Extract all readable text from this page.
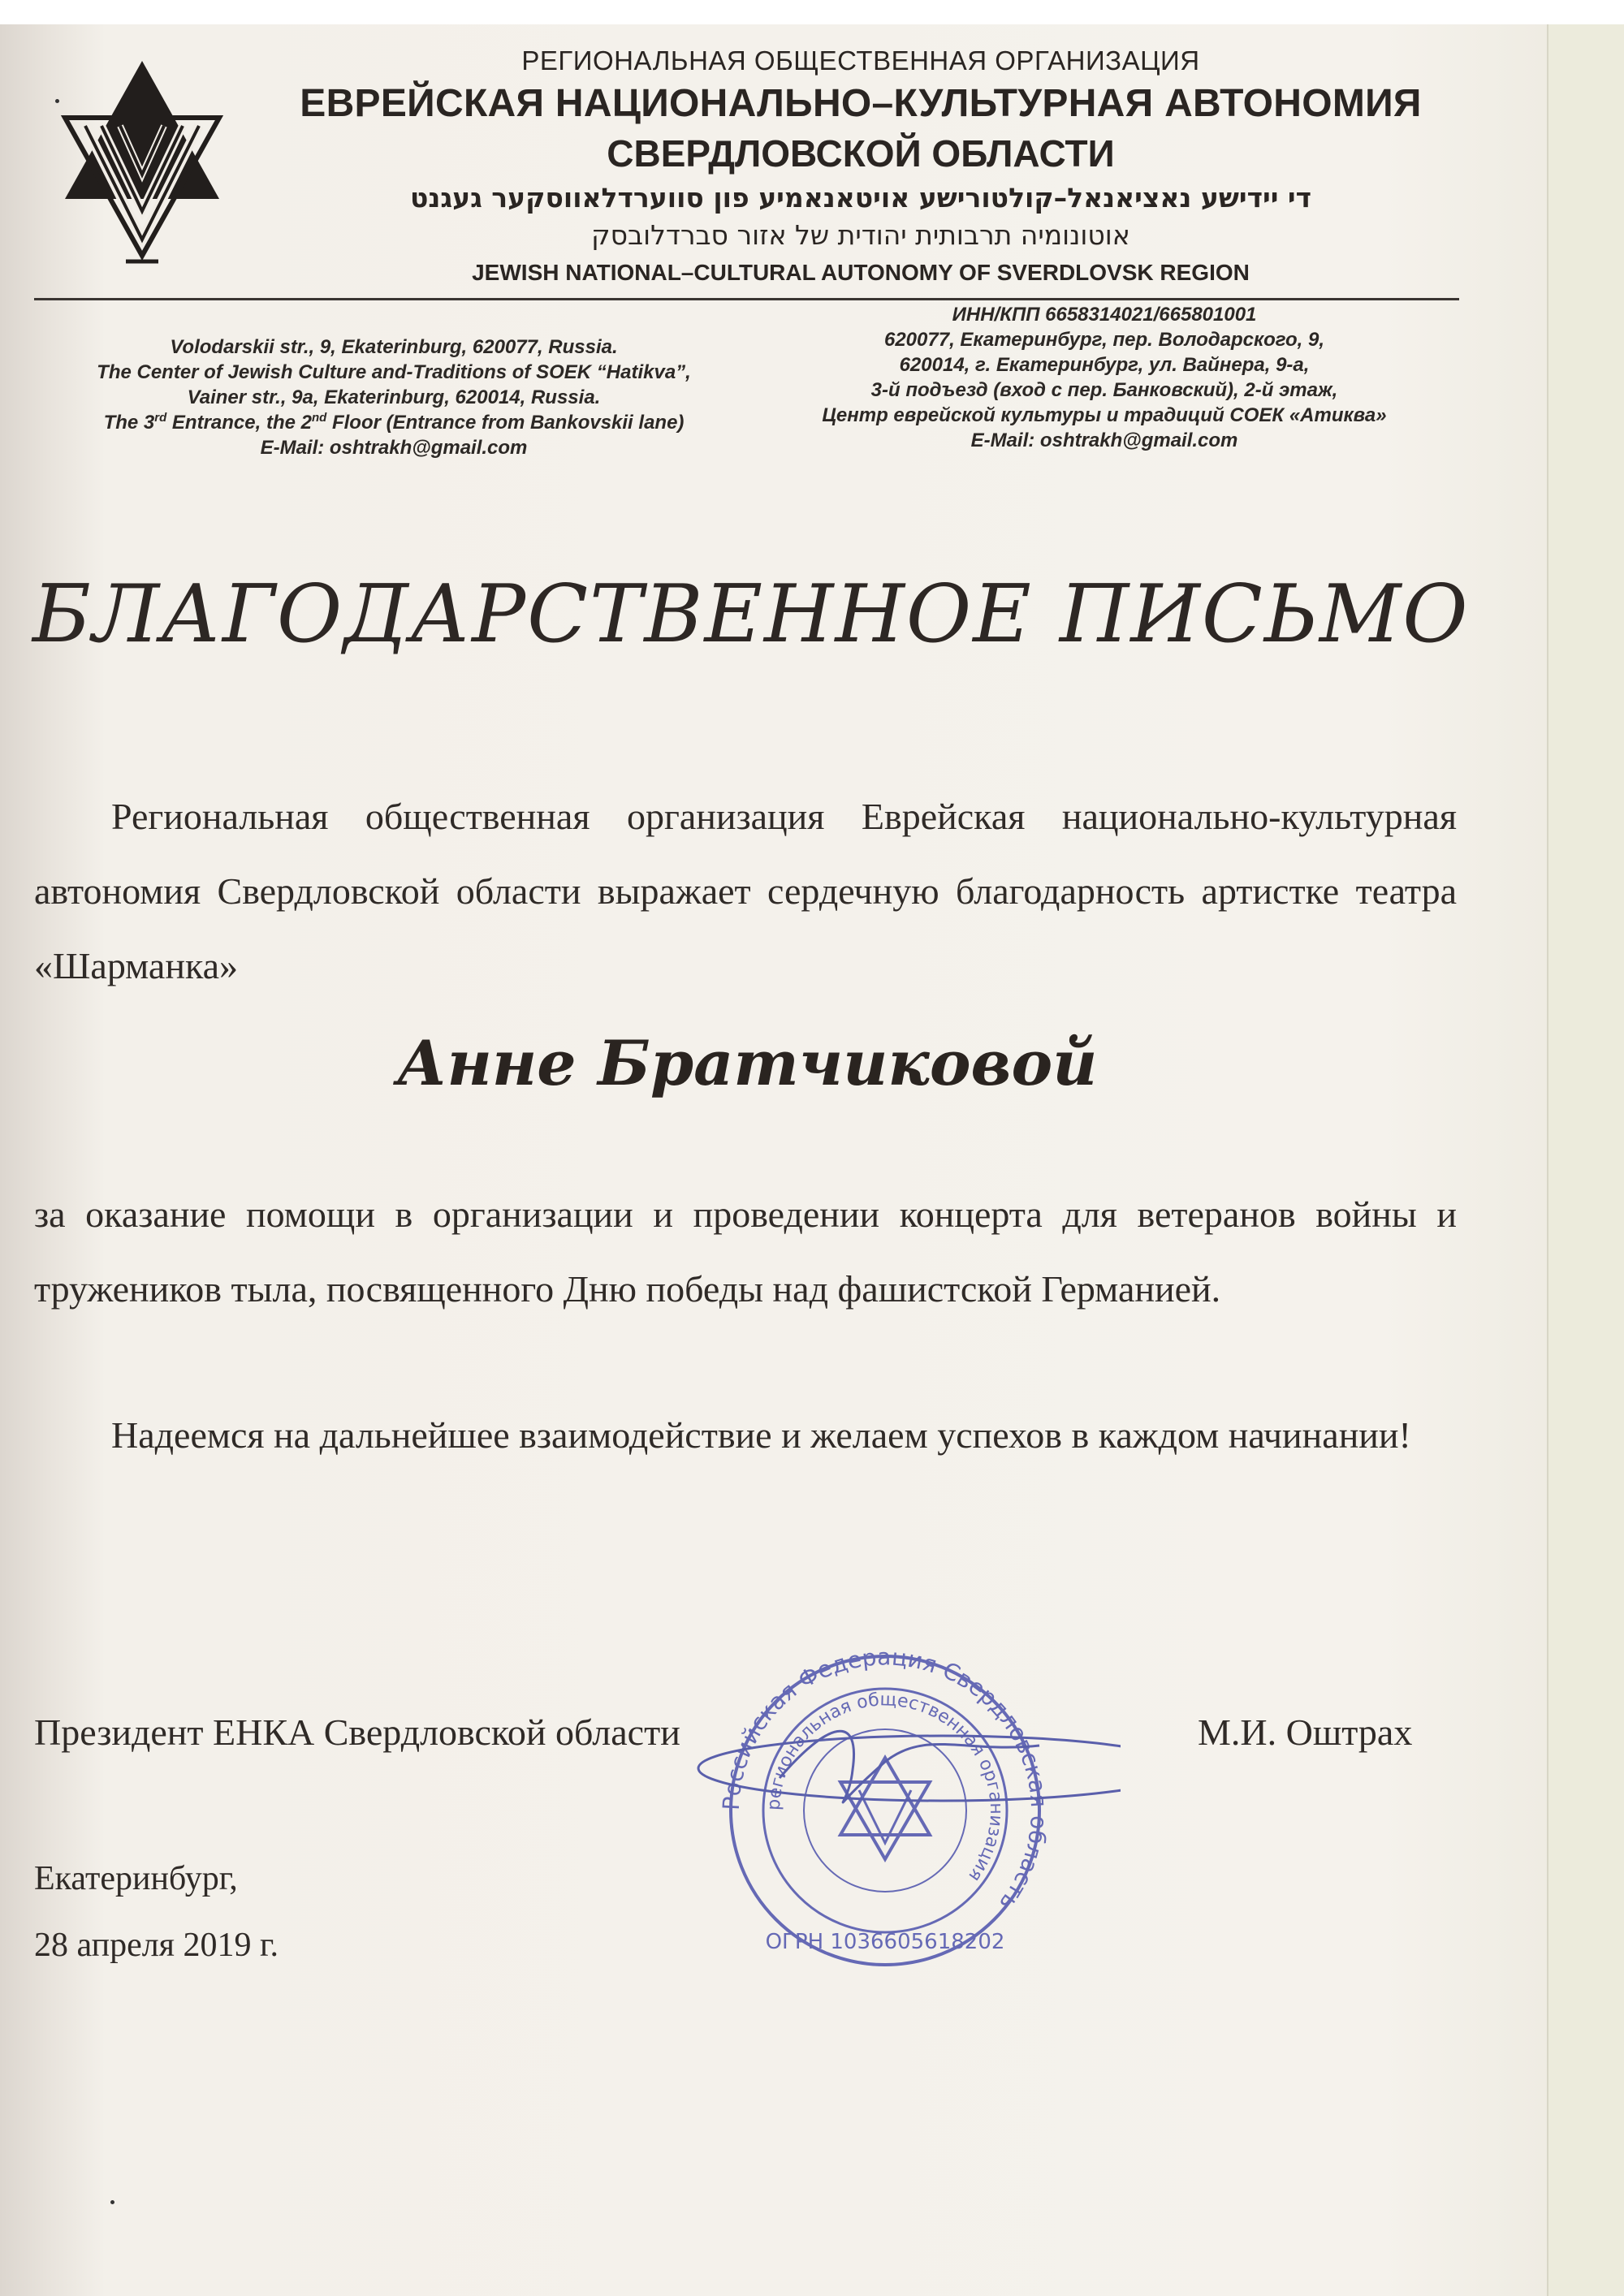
РЕГИОНАЛЬНАЯ ОБЩЕСТВЕННАЯ ОРГАНИЗАЦИЯ
ЕВРЕЙСКАЯ НАЦИОНАЛЬНО–КУЛЬТУРНАЯ АВТОНОМИЯ
СВЕРДЛОВСКОЙ ОБЛАСТИ
די יידישע נאציאנאל–קולטורישע אויטאנאמיע פון סווערדלאווסקער געגנט
אוטונומיה תרבותית יהודית של אזור סברדלובסק
JEWISH NATIONAL–CULTURAL AUTONOMY OF SVERDLOVSK REGION
Volodarskii str., 9, Ekaterinburg, 620077, Russia.
The Center of Jewish Culture and-Traditions of SOEK “Hatikva”,
Vainer str., 9a, Ekaterinburg, 620014, Russia.
The 3rd Entrance, the 2nd Floor (Entrance from Bankovskii lane)
E-Mail: oshtrakh@gmail.com
ИНН/КПП 6658314021/665801001
620077, Екатеринбург, пер. Володарского, 9,
620014, г. Екатеринбург, ул. Вайнера, 9-а,
3-й подъезд (вход с пер. Банковский), 2-й этаж,
Центр еврейской культуры и традиций СОЕК «Атиква»
E-Mail: oshtrakh@gmail.com
БЛАГОДАРСТВЕННОЕ ПИСЬМО
Региональная общественная организация Еврейская национально-культурная автономия Свердловской области выражает сердечную благодарность артистке театра «Шарманка»
Анне Братчиковой
за оказание помощи в организации и проведении концерта для ветеранов войны и тружеников тыла, посвященного Дню победы над фашистской Германией.
Надеемся на дальнейшее взаимодействие и желаем успехов в каждом начинании!
Российская Федерация Свердловская область
региональная общественная организация
ОГРН 1036605618202
Президент ЕНКА Свердловской области	М.И. Оштрах
Екатеринбург,
28 апреля 2019 г.
